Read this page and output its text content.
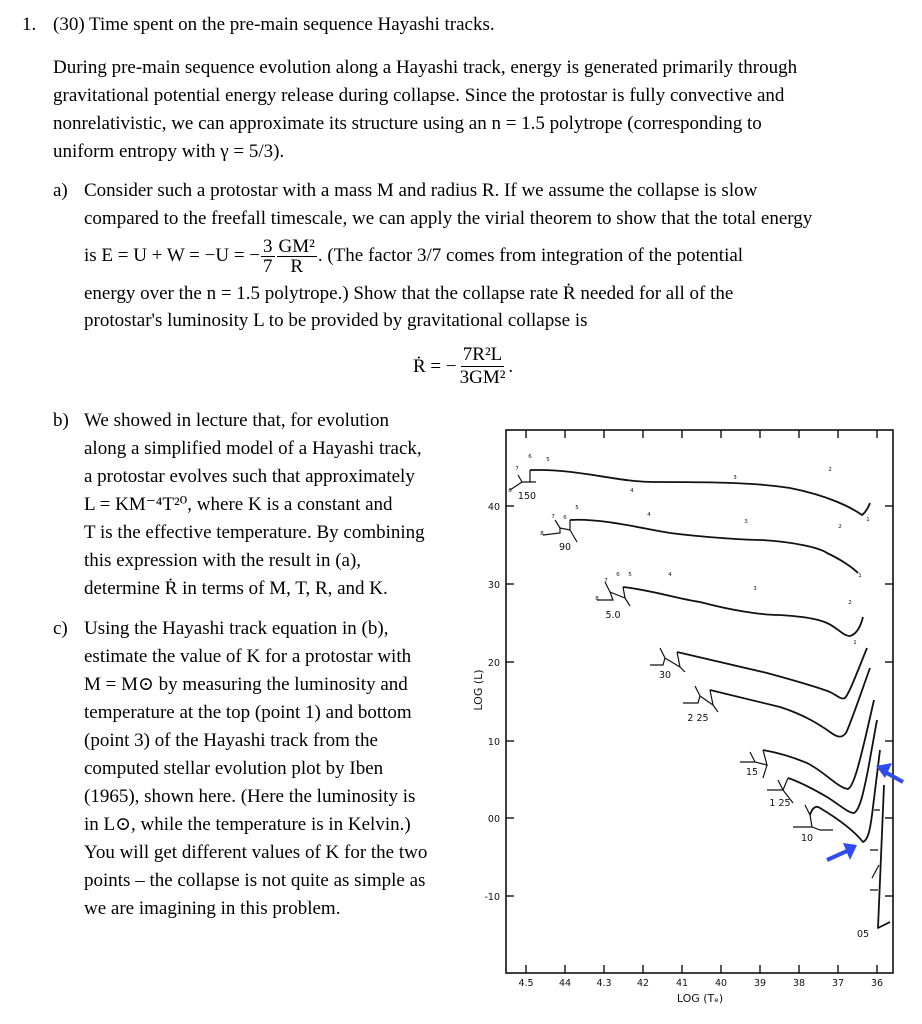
1. (30) Time spent on the pre-main sequence Hayashi tracks.
During pre-main sequence evolution along a Hayashi track, energy is generated primarily through
gravitational potential energy release during collapse. Since the protostar is fully convective and
nonrelativistic, we can approximate its structure using an n = 1.5 polytrope (corresponding to
uniform entropy with γ = 5/3).
a) Consider such a protostar with a mass M and radius R. If we assume the collapse is slow
compared to the freefall timescale, we can apply the virial theorem to show that the total energy
is E = U + W = −U = − $\frac{3}{7} \frac{\text{GM²}}{R}$ . (The factor 3/7 comes from integration of the potential
energy over the n = 1.5 polytrope.) Show that the collapse rate Ṙ needed for all of the
protostar's luminosity L to be provided by gravitational collapse is
Ṙ = − $\frac{\text{7R²L}}{\text{3GM²}}$ .
b) We showed in lecture that, for evolution
along a simplified model of a Hayashi track,
a protostar evolves such that approximately
L = KM⁻⁴T²⁰, where K is a constant and
T is the effective temperature. By combining
this expression with the result in (a),
determine Ṙ in terms of M, T, R, and K.
c) Using the Hayashi track equation in (b),
estimate the value of K for a protostar with
M = M⊙ by measuring the luminosity and
temperature at the top (point 1) and bottom
(point 3) of the Hayashi track from the
computed stellar evolution plot by Iben
(1965), shown here. (Here the luminosity is
in L⊙, while the temperature is in Kelvin.)
You will get different values of K for the two
points – the collapse is not quite as simple as
we are imagining in this problem.
40
30
20
10
00
-10
4.5	44	4.3	42	41	40	39	38	37	36
150
90
5.0
30
2 25
15
1 25
10
05
1
2
3
4
5
6
7
8
1
2
3
4
5
6
7
8
1
2
3
4
5
6
7
8
LOG (Tₑ)
LOG (L)
